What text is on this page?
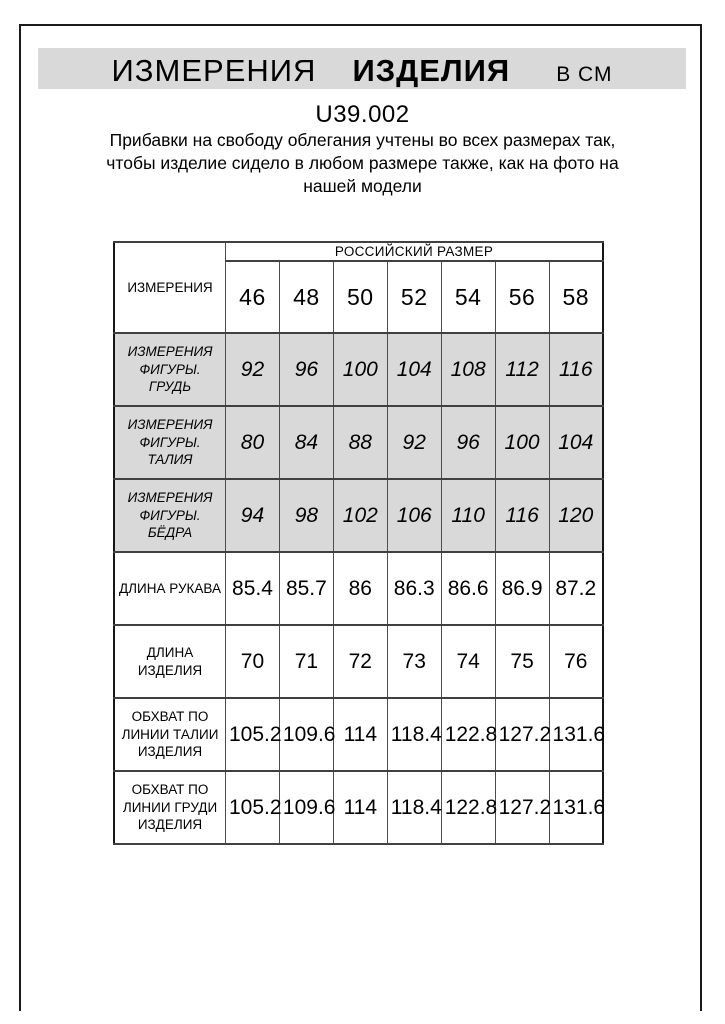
ИЗМЕРЕНИЯ ИЗДЕЛИЯ В СМ
U39.002
Прибавки на свободу облегания учтены во всех размерах так,
чтобы изделие сидело в любом размере также, как на фото на
нашей модели
ИЗМЕРЕНИЯ	РОССИЙСКИЙ РАЗМЕР						
	46	48	50	52	54	56	58
ИЗМЕРЕНИЯ ФИГУРЫ. ГРУДЬ	92	96	100	104	108	112	116
ИЗМЕРЕНИЯ ФИГУРЫ. ТАЛИЯ	80	84	88	92	96	100	104
ИЗМЕРЕНИЯ ФИГУРЫ. БЁДРА	94	98	102	106	110	116	120
ДЛИНА РУКАВА	85.4	85.7	86	86.3	86.6	86.9	87.2
ДЛИНА ИЗДЕЛИЯ	70	71	72	73	74	75	76
ОБХВАТ ПО ЛИНИИ ТАЛИИ ИЗДЕЛИЯ	105.2	109.6	114	118.4	122.8	127.2	131.6
ОБХВАТ ПО ЛИНИИ ГРУДИ ИЗДЕЛИЯ	105.2	109.6	114	118.4	122.8	127.2	131.6
